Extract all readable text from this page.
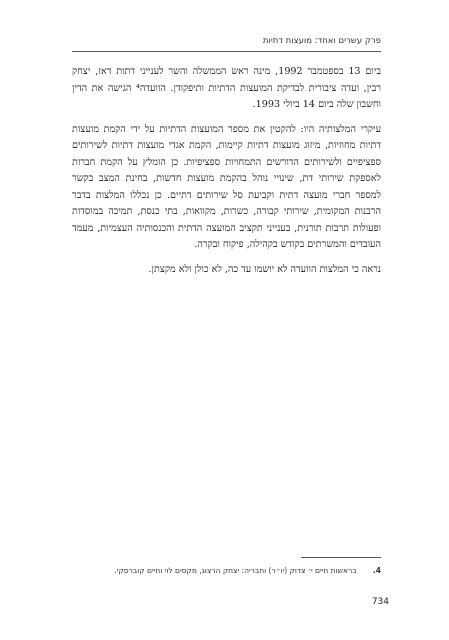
פרק עשרים ואחד: מועצות דתיות

ביום 13 בספטמבר 1992, מינה ראש הממשלה והשר לענייני דתות דאז, יצחק רבין, ועדה ציבורית לבדיקת המועצות הדתיות ותיפקודן. הוועדה⁴ הגישה את הדין וחשבון שלה ביום 14 ביולי 1993.

עיקרי המלצותיה היו: להקטין את מספר המועצות הדתיות על ידי הקמת מועצות דתיות מחוזיות, מיזוג מועצות דתיות קיימות, הקמת אגדי מועצות דתיות לשירותים ספציפיים ולשירותים הדורשים התמחויות ספציפיות. כן הומלץ על הקמת חברות לאספקת שירותי דת, שינויי נוהל בהקמת מועצות חדשות, בחינת המצב בקשר למספר חברי מועצה דתית וקביעת סל שירותים דתיים. כן נכללו המלצות בדבר הרבנות המקומית, שירותי קבורה, כשרות, מקוואות, בתי כנסת, תמיכה במוסדות ופעולות תרבות תורנית, בענייני תקציב המועצה הדתית והכנסותיה העצמיות, מעמד העובדים והמשרתים בקודש בקהילה, פיקוח ובקרה.

נראה כי המלצות הוועדה לא יושמו עד כה, לא כולן ולא מקצתן.

4. בראשות חיים י׳ צדוק (יו״ר) וחבריה: יצחק הרצוג, מקסים לוי וחיים קוברסקי.
734
